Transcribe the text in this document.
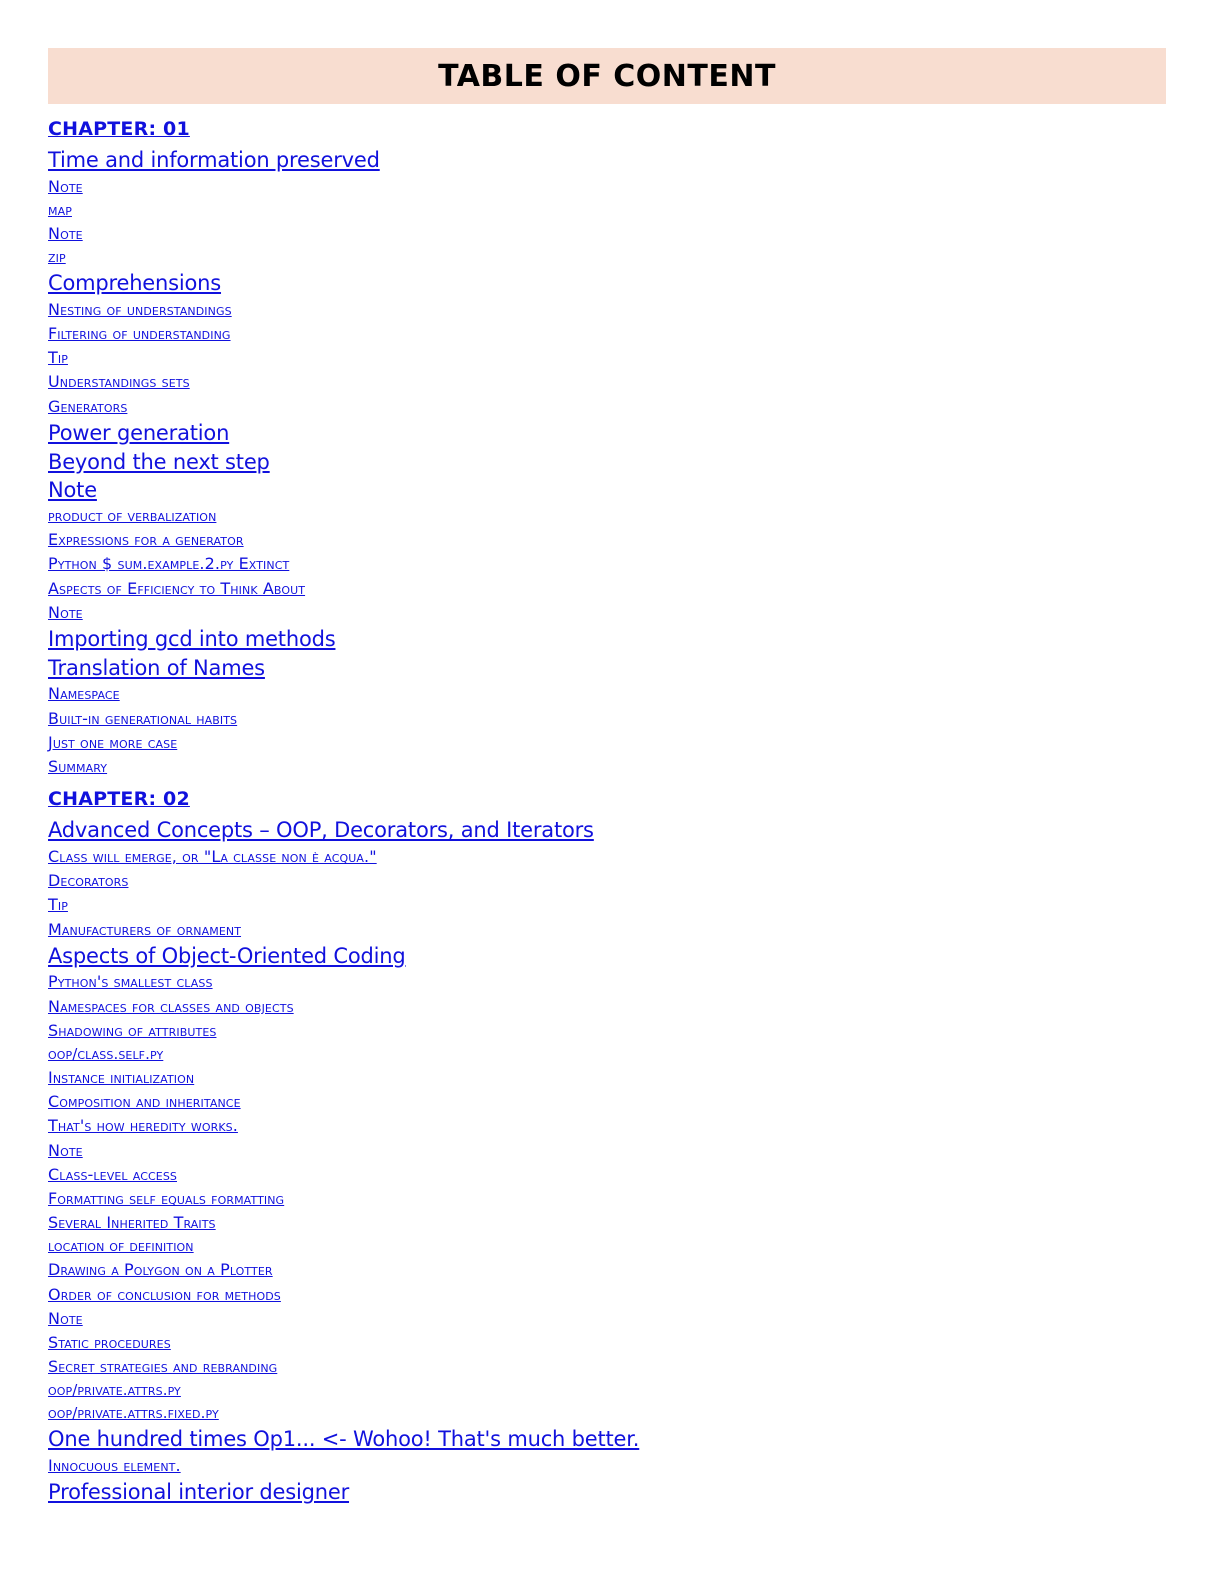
TABLE OF CONTENT
CHAPTER: 01
Time and information preserved
Note
map
Note
zip
Comprehensions
Nesting of understandings
Filtering of understanding
Tip
Understandings sets
Generators
Power generation
Beyond the next step
Note
product of verbalization
Expressions for a generator
Python $ sum.example.2.py Extinct
Aspects of Efficiency to Think About
Note
Importing gcd into methods
Translation of Names
Namespace
Built-in generational habits
Just one more case
Summary
CHAPTER: 02
Advanced Concepts – OOP, Decorators, and Iterators
Class will emerge, or "La classe non è acqua."
Decorators
Tip
Manufacturers of ornament
Aspects of Object-Oriented Coding
Python's smallest class
Namespaces for classes and objects
Shadowing of attributes
oop/class.self.py
Instance initialization
Composition and inheritance
That's how heredity works.
Note
Class-level access
Formatting self equals formatting
Several Inherited Traits
location of definition
Drawing a Polygon on a Plotter
Order of conclusion for methods
Note
Static procedures
Secret strategies and rebranding
oop/private.attrs.py
oop/private.attrs.fixed.py
One hundred times Op1... <- Wohoo! That's much better.
Innocuous element.
Professional interior designer
